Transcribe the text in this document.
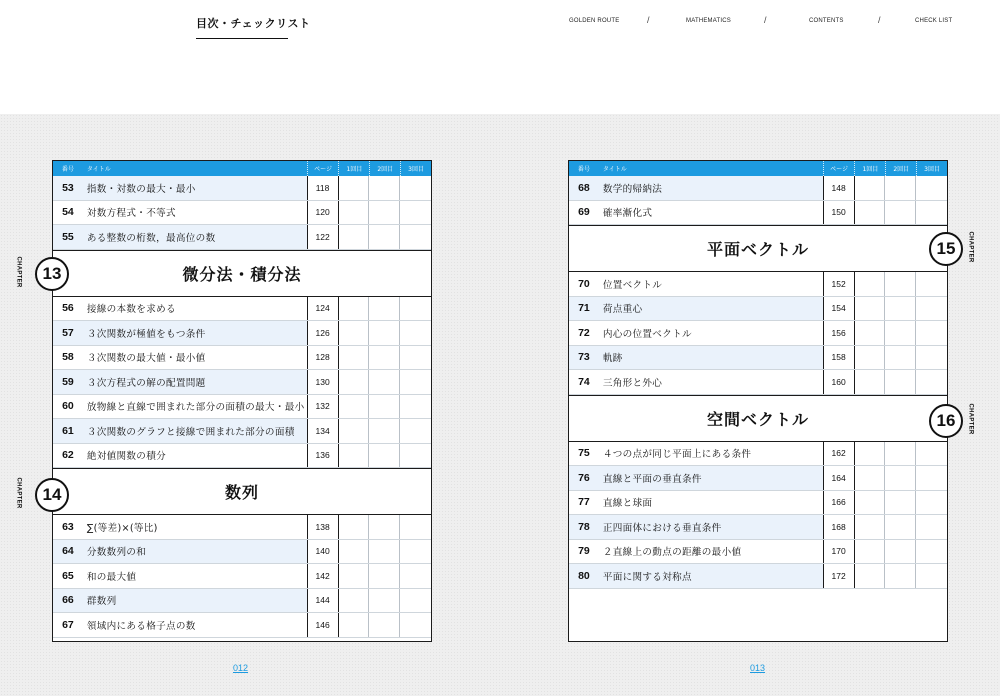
目次・チェックリスト	GOLDEN ROUTE	/	MATHEMATICS	/	CONTENTS	/	CHECK LIST
番号	タイトル	ページ	1回目	2回目	3回目
53	指数・対数の最大・最小	118
54	対数方程式・不等式	120
55	ある整数の桁数，最高位の数	122
微分法・積分法
56	接線の本数を求める	124
57	３次関数が極値をもつ条件	126
58	３次関数の最大値・最小値	128
59	３次方程式の解の配置問題	130
60	放物線と直線で囲まれた部分の面積の最大・最小	132
61	３次関数のグラフと接線で囲まれた部分の面積	134
62	絶対値関数の積分	136
数列
63	∑(等差)×(等比)	138
64	分数数列の和	140
65	和の最大値	142
66	群数列	144
67	領域内にある格子点の数	146
番号	タイトル	ページ	1回目	2回目	3回目
68	数学的帰納法	148
69	確率漸化式	150
平面ベクトル
70	位置ベクトル	152
71	荷点重心	154
72	内心の位置ベクトル	156
73	軌跡	158
74	三角形と外心	160
空間ベクトル
75	４つの点が同じ平面上にある条件	162
76	直線と平面の垂直条件	164
77	直線と球面	166
78	正四面体における垂直条件	168
79	２直線上の動点の距離の最小値	170
80	平面に関する対称点	172
13
CHAPTER
14
CHAPTER
15	CHAPTER
16	CHAPTER
012	013
